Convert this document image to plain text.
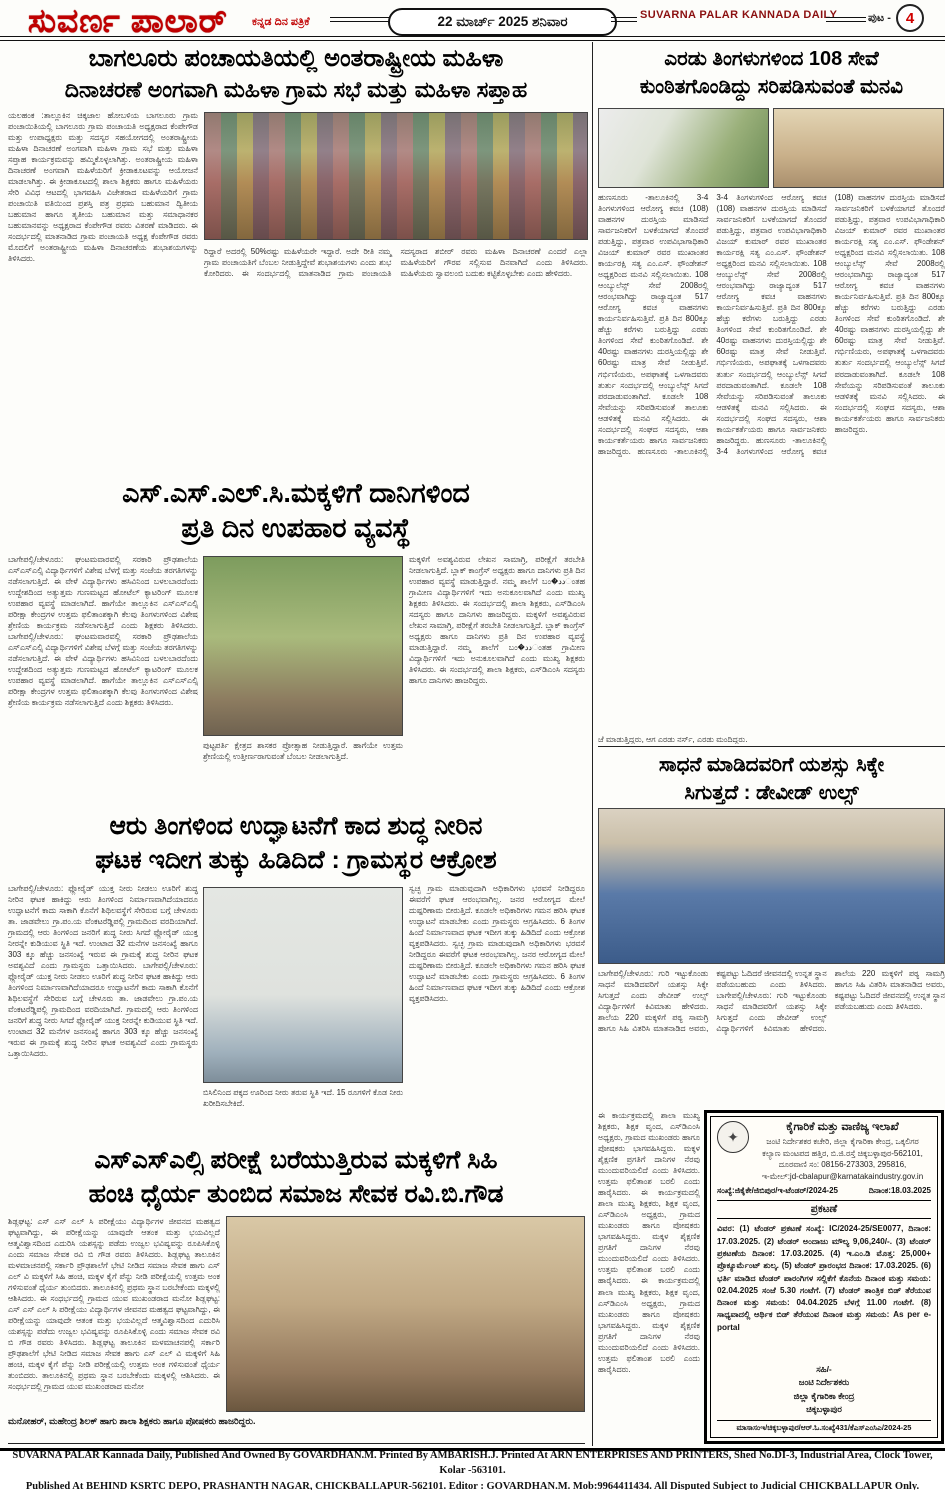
ಸುವರ್ಣ ಪಾಲಾರ್ ಕನ್ನಡ ದಿನ ಪತ್ರಿಕೆ	22 ಮಾರ್ಚ್ 2025 ಶನಿವಾರ	SUVARNA PALAR KANNADA DAILY	ಪುಟ - 4
ಬಾಗಲೂರು ಪಂಚಾಯತಿಯಲ್ಲಿ ಅಂತರಾಷ್ಟ್ರೀಯ ಮಹಿಳಾ
ದಿನಾಚರಣೆ ಅಂಗವಾಗಿ ಮಹಿಳಾ ಗ್ರಾಮ ಸಭೆ ಮತ್ತು ಮಹಿಳಾ ಸಪ್ತಾಹ
ಯಲಹಂಕ :ತಾಲ್ಲೂಕಿನ ಚಿಕ್ಕಜಾಲ ಹೋಬಳಿಯ ಬಾಗಲೂರು ಗ್ರಾಮ ಪಂಚಾಯಿತಿಯಲ್ಲಿ ಬಾಗಲೂರು ಗ್ರಾಮ ಪಂಚಾಯತಿ ಅಧ್ಯಕ್ಷರಾದ ಕೆಂಪೇಗೌಡ ಮತ್ತು ಉಪಾಧ್ಯಕ್ಷರು ಮತ್ತು ಸದಸ್ಯರ ಸಹಯೋಗದಲ್ಲಿ ಅಂತರಾಷ್ಟ್ರೀಯ ಮಹಿಳಾ ದಿನಾಚರಣೆ ಅಂಗವಾಗಿ ಮಹಿಳಾ ಗ್ರಾಮ ಸಭೆ ಮತ್ತು ಮಹಿಳಾ ಸಪ್ತಾಹ ಕಾರ್ಯಕ್ರಮವನ್ನು ಹಮ್ಮಿಕೊಳ್ಳಲಾಗಿತ್ತು. ಅಂತರಾಷ್ಟ್ರೀಯ ಮಹಿಳಾ ದಿನಾಚರಣೆ ಅಂಗವಾಗಿ ಮಹಿಳೆಯರಿಗೆ ಕ್ರೀಡಾಕೂಟವನ್ನು ಆಯೋಜನೆ ಮಾಡಲಾಗಿತ್ತು. ಈ ಕ್ರೀಡಾಕೂಟದಲ್ಲಿ ಶಾಲಾ ಶಿಕ್ಷಕರು ಹಾಗೂ ಮಹಿಳೆಯರು ಸೇರಿ ವಿವಿಧ ಆಟದಲ್ಲಿ ಭಾಗವಹಿಸಿ ವಿಜೇತರಾದ ಮಹಿಳೆಯರಿಗೆ ಗ್ರಾಮ ಪಂಚಾಯಿತಿ ವತಿಯಿಂದ ಪ್ರಶಸ್ತಿ ಪತ್ರ ಪ್ರಥಮ ಬಹುಮಾನ ದ್ವಿತೀಯ ಬಹುಮಾನ ಹಾಗೂ ತೃತೀಯ ಬಹುಮಾನ ಮತ್ತು ಸಮಾಧಾನಕರ ಬಹುಮಾನವನ್ನು ಅಧ್ಯಕ್ಷರಾದ ಕೆಂಪೇಗೌಡ ರವರು ವಿತರಣೆ ಮಾಡಿದರು. ಈ ಸಂದರ್ಭದಲ್ಲಿ ಮಾತನಾಡಿದ ಗ್ರಾಮ ಪಂಚಾಯತಿ ಅಧ್ಯಕ್ಷ ಕೆಂಪೇಗೌಡ ರವರು ಮೊದಲಿಗೆ ಅಂತರಾಷ್ಟ್ರೀಯ ಮಹಿಳಾ ದಿನಾಚರಣೆಯ ಶುಭಾಶಯಗಳನ್ನು ತಿಳಿಸಿದರು.
ರಿದ್ದಾರೆ ಅದರಲ್ಲಿ 50%ರಷ್ಟು ಮಹಿಳೆಯರೇ ಇದ್ದಾರೆ. ಅದೇ ರೀತಿ ನಮ್ಮ ಗ್ರಾಮ ಪಂಚಾಯತಿಗೆ ಬೆಂಬಲ ನೀಡುತ್ತಿದ್ದೇವೆ ಶುಭಾಶಯಗಳು ಎಂದು ಶುಭ ಕೋರಿದರು. ಈ ಸಂದರ್ಭದಲ್ಲಿ ಮಾತನಾಡಿದ ಗ್ರಾಮ ಪಂಚಾಯತಿ ಸದಸ್ಯರಾದ ಶಬೀರ್ ರವರು ಮಹಿಳಾ ದಿನಾಚರಣೆ ಎಂದರೆ ಎಲ್ಲಾ ಮಹಿಳೆಯರಿಗೆ ಗೌರವ ಸಲ್ಲಿಸುವ ದಿನವಾಗಿದೆ ಎಂದು ತಿಳಿಸಿದರು. ಮಹಿಳೆಯರು ಸ್ವಾವಲಂಬಿ ಬದುಕು ಕಟ್ಟಿಕೊಳ್ಳಬೇಕು ಎಂದು ಹೇಳಿದರು.
ಎಸ್.ಎಸ್.ಎಲ್.ಸಿ.ಮಕ್ಕಳಿಗೆ ದಾನಿಗಳಿಂದ
ಪ್ರತಿ ದಿನ ಉಪಹಾರ ವ್ಯವಸ್ಥೆ
ಬಾಗೇಪಲ್ಲಿ/ಚೇಳೂರು: ಘಂಟಮವಾರವಲ್ಲಿ ಸರಕಾರಿ ಪ್ರೌಢಶಾಲೆಯ ಎಸ್ಎಸ್ಎಲ್ಸಿ ವಿದ್ಯಾರ್ಥಿಗಳಿಗೆ ವಿಶೇಷ ಬೆಳಗ್ಗೆ ಮತ್ತು ಸಂಜೆಯ ತರಗತಿಗಳನ್ನು ನಡೆಸಲಾಗುತ್ತಿದೆ. ಈ ವೇಳೆ ವಿದ್ಯಾರ್ಥಿಗಳು ಹಸಿವಿನಿಂದ ಬಳಲಬಾರದೆಂದು ಉದ್ದೇಶದಿಂದ ಅತ್ಯುತ್ತಮ ಗುಣಮಟ್ಟದ ಹೋಟೆಲ್ ಕ್ಯಾಟರಿಂಗ್ ಮೂಲಕ ಉಪಹಾರ ವ್ಯವಸ್ಥೆ ಮಾಡಲಾಗಿದೆ. ಹಾಗೆಯೇ ತಾಲ್ಲೂಕಿನ ಎಸ್ಎಸ್ಎಲ್ಸಿ ಪರೀಕ್ಷಾ ಕೇಂದ್ರಗಳ ಉತ್ತಮ ಫಲಿತಾಂಶಕ್ಕಾಗಿ ಕೆಲವು ತಿಂಗಳುಗಳಿಂದ ವಿಶೇಷ ಶ್ರೇಣಿಯ ಕಾರ್ಯಕ್ರಮ ನಡೆಸಲಾಗುತ್ತಿದೆ ಎಂದು ಶಿಕ್ಷಕರು ತಿಳಿಸಿದರು. ಬಾಗೇಪಲ್ಲಿ/ಚೇಳೂರು: ಘಂಟಮವಾರವಲ್ಲಿ ಸರಕಾರಿ ಪ್ರೌಢಶಾಲೆಯ ಎಸ್ಎಸ್ಎಲ್ಸಿ ವಿದ್ಯಾರ್ಥಿಗಳಿಗೆ ವಿಶೇಷ ಬೆಳಗ್ಗೆ ಮತ್ತು ಸಂಜೆಯ ತರಗತಿಗಳನ್ನು ನಡೆಸಲಾಗುತ್ತಿದೆ. ಈ ವೇಳೆ ವಿದ್ಯಾರ್ಥಿಗಳು ಹಸಿವಿನಿಂದ ಬಳಲಬಾರದೆಂದು ಉದ್ದೇಶದಿಂದ ಅತ್ಯುತ್ತಮ ಗುಣಮಟ್ಟದ ಹೋಟೆಲ್ ಕ್ಯಾಟರಿಂಗ್ ಮೂಲಕ ಉಪಹಾರ ವ್ಯವಸ್ಥೆ ಮಾಡಲಾಗಿದೆ. ಹಾಗೆಯೇ ತಾಲ್ಲೂಕಿನ ಎಸ್ಎಸ್ಎಲ್ಸಿ ಪರೀಕ್ಷಾ ಕೇಂದ್ರಗಳ ಉತ್ತಮ ಫಲಿತಾಂಶಕ್ಕಾಗಿ ಕೆಲವು ತಿಂಗಳುಗಳಿಂದ ವಿಶೇಷ ಶ್ರೇಣಿಯ ಕಾರ್ಯಕ್ರಮ ನಡೆಸಲಾಗುತ್ತಿದೆ ಎಂದು ಶಿಕ್ಷಕರು ತಿಳಿಸಿದರು.
ಪುಟ್ಟಪರ್ತಿ ಕ್ಷೇತ್ರದ ಶಾಸಕರ ಪ್ರೋತ್ಸಾಹ ನೀಡುತ್ತಿದ್ದಾರೆ. ಹಾಗೆಯೇ ಉತ್ತಮ ಶ್ರೇಣಿಯಲ್ಲಿ ಉತ್ತೀರ್ಣರಾಗುವಂತೆ ಬೆಂಬಲ ನೀಡಲಾಗುತ್ತಿದೆ.
ಮಕ್ಕಳಿಗೆ ಅವಶ್ಯವಿರುವ ಲೇಖನ ಸಾಮಾಗ್ರಿ, ಪರೀಕ್ಷೆಗೆ ತರಬೇತಿ ನೀಡಲಾಗುತ್ತಿದೆ. ಬ್ಲಾಕ್ ಕಾಂಗ್ರೆಸ್ ಅಧ್ಯಕ್ಷರು ಹಾಗೂ ದಾನಿಗಳು ಪ್ರತಿ ದಿನ ಉಪಹಾರ ವ್ಯವಸ್ಥೆ ಮಾಡುತ್ತಿದ್ದಾರೆ. ನಮ್ಮ ಶಾಲೆಗೆ ಬಂ�ددಂತಹ ಗ್ರಾಮೀಣ ವಿದ್ಯಾರ್ಥಿಗಳಿಗೆ ಇದು ಅನುಕೂಲವಾಗಿದೆ ಎಂದು ಮುಖ್ಯ ಶಿಕ್ಷಕರು ತಿಳಿಸಿದರು. ಈ ಸಂದರ್ಭದಲ್ಲಿ ಶಾಲಾ ಶಿಕ್ಷಕರು, ಎಸ್‌ಡಿಎಂಸಿ ಸದಸ್ಯರು ಹಾಗೂ ದಾನಿಗಳು ಹಾಜರಿದ್ದರು. ಮಕ್ಕಳಿಗೆ ಅವಶ್ಯವಿರುವ ಲೇಖನ ಸಾಮಾಗ್ರಿ, ಪರೀಕ್ಷೆಗೆ ತರಬೇತಿ ನೀಡಲಾಗುತ್ತಿದೆ. ಬ್ಲಾಕ್ ಕಾಂಗ್ರೆಸ್ ಅಧ್ಯಕ್ಷರು ಹಾಗೂ ದಾನಿಗಳು ಪ್ರತಿ ದಿನ ಉಪಹಾರ ವ್ಯವಸ್ಥೆ ಮಾಡುತ್ತಿದ್ದಾರೆ. ನಮ್ಮ ಶಾಲೆಗೆ ಬಂ�ددಂತಹ ಗ್ರಾಮೀಣ ವಿದ್ಯಾರ್ಥಿಗಳಿಗೆ ಇದು ಅನುಕೂಲವಾಗಿದೆ ಎಂದು ಮುಖ್ಯ ಶಿಕ್ಷಕರು ತಿಳಿಸಿದರು. ಈ ಸಂದರ್ಭದಲ್ಲಿ ಶಾಲಾ ಶಿಕ್ಷಕರು, ಎಸ್‌ಡಿಎಂಸಿ ಸದಸ್ಯರು ಹಾಗೂ ದಾನಿಗಳು ಹಾಜರಿದ್ದರು.
ಆರು ತಿಂಗಳಿಂದ ಉದ್ಘಾಟನೆಗೆ ಕಾದ ಶುದ್ಧ ನೀರಿನ
ಘಟಕ ಇದೀಗ ತುಕ್ಕು ಹಿಡಿದಿದೆ : ಗ್ರಾಮಸ್ಥರ ಆಕ್ರೋಶ
ಬಾಗೇಪಲ್ಲಿ/ಚೇಳೂರು: ಫ್ಲೋರೈಡ್ ಯುಕ್ತ ನೀರು ನೀಡಲು ಊರಿಗೆ ಶುದ್ಧ ನೀರಿನ ಘಟಕ ಹಾಕಿದ್ದು ಆರು ತಿಂಗಳಿಂದ ನಿರ್ಮಾಣವಾಗಿದೆಯಾದರೂ ಉದ್ಘಾಟನೆಗೆ ಕಾದು ಸಾಕಾಗಿ ಕೊನೆಗೆ ಶಿಥಿಲವಸ್ಥೆಗೆ ಸೇರಿರುವ ಬಗ್ಗೆ ಚೇಳೂರು ತಾ. ಜಾಡವೇಲು ಗ್ರಾ.ಪಂ.ಯ ವೆಂಕಟರೆಡ್ಡಿಪಲ್ಲಿ ಗ್ರಾಮದಿಂದ ವರದಿಯಾಗಿದೆ. ಗ್ರಾಮದಲ್ಲಿ ಆರು ತಿಂಗಳಿಂದ ಜನರಿಗೆ ಶುದ್ಧ ನೀರು ಸಿಗದೆ ಫ್ಲೋರೈಡ್ ಯುಕ್ತ ನೀರನ್ನೇ ಕುಡಿಯುವ ಸ್ಥಿತಿ ಇದೆ. ಉಂಟಾದ 32 ಮನೆಗಳ ಜನಸಂಖ್ಯೆ ಹಾಗೂ 303 ಕ್ಕೂ ಹೆಚ್ಚು ಜನಸಂಖ್ಯೆ ಇರುವ ಈ ಗ್ರಾಮಕ್ಕೆ ಶುದ್ಧ ನೀರಿನ ಘಟಕ ಅವಶ್ಯವಿದೆ ಎಂದು ಗ್ರಾಮಸ್ಥರು ಒತ್ತಾಯಿಸಿದರು. ಬಾಗೇಪಲ್ಲಿ/ಚೇಳೂರು: ಫ್ಲೋರೈಡ್ ಯುಕ್ತ ನೀರು ನೀಡಲು ಊರಿಗೆ ಶುದ್ಧ ನೀರಿನ ಘಟಕ ಹಾಕಿದ್ದು ಆರು ತಿಂಗಳಿಂದ ನಿರ್ಮಾಣವಾಗಿದೆಯಾದರೂ ಉದ್ಘಾಟನೆಗೆ ಕಾದು ಸಾಕಾಗಿ ಕೊನೆಗೆ ಶಿಥಿಲವಸ್ಥೆಗೆ ಸೇರಿರುವ ಬಗ್ಗೆ ಚೇಳೂರು ತಾ. ಜಾಡವೇಲು ಗ್ರಾ.ಪಂ.ಯ ವೆಂಕಟರೆಡ್ಡಿಪಲ್ಲಿ ಗ್ರಾಮದಿಂದ ವರದಿಯಾಗಿದೆ. ಗ್ರಾಮದಲ್ಲಿ ಆರು ತಿಂಗಳಿಂದ ಜನರಿಗೆ ಶುದ್ಧ ನೀರು ಸಿಗದೆ ಫ್ಲೋರೈಡ್ ಯುಕ್ತ ನೀರನ್ನೇ ಕುಡಿಯುವ ಸ್ಥಿತಿ ಇದೆ. ಉಂಟಾದ 32 ಮನೆಗಳ ಜನಸಂಖ್ಯೆ ಹಾಗೂ 303 ಕ್ಕೂ ಹೆಚ್ಚು ಜನಸಂಖ್ಯೆ ಇರುವ ಈ ಗ್ರಾಮಕ್ಕೆ ಶುದ್ಧ ನೀರಿನ ಘಟಕ ಅವಶ್ಯವಿದೆ ಎಂದು ಗ್ರಾಮಸ್ಥರು ಒತ್ತಾಯಿಸಿದರು.
ಬಿಸಿಲಿನಿಂದ ಪಕ್ಕದ ಊರಿಂದ ನೀರು ತರುವ ಸ್ಥಿತಿ ಇದೆ. 15 ರೂಗಳಿಗೆ ಕೊಡ ನೀರು ಖರೀದಿಸಬೇಕಿದೆ.
ಸ್ವಚ್ಛ ಗ್ರಾಮ ಮಾಡುವುದಾಗಿ ಅಧಿಕಾರಿಗಳು ಭರವಸೆ ನೀಡಿದ್ದರೂ ಈವರೆಗೆ ಘಟಕ ಆರಂಭವಾಗಿಲ್ಲ. ಜನರ ಆರೋಗ್ಯದ ಮೇಲೆ ದುಷ್ಪರಿಣಾಮ ಬೀರುತ್ತಿದೆ. ಕೂಡಲೇ ಅಧಿಕಾರಿಗಳು ಗಮನ ಹರಿಸಿ ಘಟಕ ಉದ್ಘಾಟನೆ ಮಾಡಬೇಕು ಎಂದು ಗ್ರಾಮಸ್ಥರು ಆಗ್ರಹಿಸಿದರು. 6 ತಿಂಗಳ ಹಿಂದೆ ನಿರ್ಮಾಣವಾದ ಘಟಕ ಇದೀಗ ತುಕ್ಕು ಹಿಡಿದಿದೆ ಎಂದು ಆಕ್ರೋಶ ವ್ಯಕ್ತಪಡಿಸಿದರು. ಸ್ವಚ್ಛ ಗ್ರಾಮ ಮಾಡುವುದಾಗಿ ಅಧಿಕಾರಿಗಳು ಭರವಸೆ ನೀಡಿದ್ದರೂ ಈವರೆಗೆ ಘಟಕ ಆರಂಭವಾಗಿಲ್ಲ. ಜನರ ಆರೋಗ್ಯದ ಮೇಲೆ ದುಷ್ಪರಿಣಾಮ ಬೀರುತ್ತಿದೆ. ಕೂಡಲೇ ಅಧಿಕಾರಿಗಳು ಗಮನ ಹರಿಸಿ ಘಟಕ ಉದ್ಘಾಟನೆ ಮಾಡಬೇಕು ಎಂದು ಗ್ರಾಮಸ್ಥರು ಆಗ್ರಹಿಸಿದರು. 6 ತಿಂಗಳ ಹಿಂದೆ ನಿರ್ಮಾಣವಾದ ಘಟಕ ಇದೀಗ ತುಕ್ಕು ಹಿಡಿದಿದೆ ಎಂದು ಆಕ್ರೋಶ ವ್ಯಕ್ತಪಡಿಸಿದರು.
ಎಸ್ಎಸ್ಎಲ್ಸಿ ಪರೀಕ್ಷೆ ಬರೆಯುತ್ತಿರುವ ಮಕ್ಕಳಿಗೆ ಸಿಹಿ
ಹಂಚಿ ಧೈರ್ಯ ತುಂಬಿದ ಸಮಾಜ ಸೇವಕ ರವಿ.ಬಿ.ಗೌಡ
ಶಿಡ್ಲಘಟ್ಟ: ಎಸ್ ಎಸ್ ಎಲ್ ಸಿ ಪರೀಕ್ಷೆಯು ವಿದ್ಯಾರ್ಥಿಗಳ ಜೀವನದ ಮಹತ್ವದ ಘಟ್ಟವಾಗಿದ್ದು, ಈ ಪರೀಕ್ಷೆಯನ್ನು ಯಾವುದೇ ಆತಂಕ ಮತ್ತು ಭಯವಿಲ್ಲದೆ ಆತ್ಮವಿಶ್ವಾಸದಿಂದ ಎದುರಿಸಿ ಯಶಸ್ಸನ್ನು ಪಡೆದು ಉಜ್ವಲ ಭವಿಷ್ಯವನ್ನು ರೂಪಿಸಿಕೊಳ್ಳಿ ಎಂದು ಸಮಾಜ ಸೇವಕ ರವಿ ಬಿ ಗೌಡ ರವರು ತಿಳಿಸಿದರು. ಶಿಡ್ಲಘಟ್ಟ ತಾಲೂಕಿನ ಮಳಮಾಚನಪಲ್ಲಿ ಸರ್ಕಾರಿ ಪ್ರೌಢಶಾಲೆಗೆ ಭೇಟಿ ನೀಡಿದ ಸಮಾಜ ಸೇವಕ ಹಾಗು ಎಸ್ ಎಲ್ ವಿ ಮಕ್ಕಳಿಗೆ ಸಿಹಿ ಹಂಚಿ, ಮಕ್ಕಳ ಕೈಗೆ ಪೆನ್ನು ನೀಡಿ ಪರೀಕ್ಷೆಯಲ್ಲಿ ಉತ್ತಮ ಅಂಕ ಗಳಿಸುವಂತೆ ಧೈರ್ಯ ತುಂಬಿದರು. ತಾಲೂಕಿನಲ್ಲಿ ಪ್ರಥಮ ಸ್ಥಾನ ಬರಬೇಕೆಂದು ಮಕ್ಕಳಲ್ಲಿ ಆಶಿಸಿದರು. ಈ ಸಂಧರ್ಭದಲ್ಲಿ ಗ್ರಾಮದ ಯುವ ಮುಖಂಡರಾದ ಮನೋ ಶಿಡ್ಲಘಟ್ಟ: ಎಸ್ ಎಸ್ ಎಲ್ ಸಿ ಪರೀಕ್ಷೆಯು ವಿದ್ಯಾರ್ಥಿಗಳ ಜೀವನದ ಮಹತ್ವದ ಘಟ್ಟವಾಗಿದ್ದು, ಈ ಪರೀಕ್ಷೆಯನ್ನು ಯಾವುದೇ ಆತಂಕ ಮತ್ತು ಭಯವಿಲ್ಲದೆ ಆತ್ಮವಿಶ್ವಾಸದಿಂದ ಎದುರಿಸಿ ಯಶಸ್ಸನ್ನು ಪಡೆದು ಉಜ್ವಲ ಭವಿಷ್ಯವನ್ನು ರೂಪಿಸಿಕೊಳ್ಳಿ ಎಂದು ಸಮಾಜ ಸೇವಕ ರವಿ ಬಿ ಗೌಡ ರವರು ತಿಳಿಸಿದರು. ಶಿಡ್ಲಘಟ್ಟ ತಾಲೂಕಿನ ಮಳಮಾಚನಪಲ್ಲಿ ಸರ್ಕಾರಿ ಪ್ರೌಢಶಾಲೆಗೆ ಭೇಟಿ ನೀಡಿದ ಸಮಾಜ ಸೇವಕ ಹಾಗು ಎಸ್ ಎಲ್ ವಿ ಮಕ್ಕಳಿಗೆ ಸಿಹಿ ಹಂಚಿ, ಮಕ್ಕಳ ಕೈಗೆ ಪೆನ್ನು ನೀಡಿ ಪರೀಕ್ಷೆಯಲ್ಲಿ ಉತ್ತಮ ಅಂಕ ಗಳಿಸುವಂತೆ ಧೈರ್ಯ ತುಂಬಿದರು. ತಾಲೂಕಿನಲ್ಲಿ ಪ್ರಥಮ ಸ್ಥಾನ ಬರಬೇಕೆಂದು ಮಕ್ಕಳಲ್ಲಿ ಆಶಿಸಿದರು. ಈ ಸಂಧರ್ಭದಲ್ಲಿ ಗ್ರಾಮದ ಯುವ ಮುಖಂಡರಾದ ಮನೋ
ಮನೋಹರ್, ಮಹೇಂದ್ರ ಶಿಲಕ್ ಹಾಗು ಶಾಲಾ ಶಿಕ್ಷಕರು ಹಾಗೂ ಪೋಷಕರು ಹಾಜರಿದ್ದರು.
ಎರಡು ತಿಂಗಳುಗಳಿಂದ 108 ಸೇವೆ
ಕುಂಠಿತಗೊಂಡಿದ್ದು ಸರಿಪಡಿಸುವಂತೆ ಮನವಿ
ಹುಣಸೂರು -ತಾಲೂಕಿನಲ್ಲಿ 3-4 ತಿಂಗಳುಗಳಿಂದ ಆರೋಗ್ಯ ಕವಚ (108) ವಾಹನಗಳ ದುರಸ್ತಿಯ ಮಾಡಿಸದೆ ಸಾರ್ವಜನಿಕರಿಗೆ ಬಳಕೆಯಾಗದೆ ತೊಂದರೆ ಪಡುತ್ತಿದ್ದು, ಪತ್ರವಾರ ಉಪವಿಭಾಗಾಧಿಕಾರಿ ವಿಜಯ್ ಕುಮಾರ್ ರವರ ಮುಖಾಂತರ ಕಾರ್ಯರಕ್ಷಿ ಸತ್ಯ ಎಂ.ಎಸ್. ಫೌಂಡೇಶನ್ ಅಧ್ಯಕ್ಷರಿಂದ ಮನವಿ ಸಲ್ಲಿಸಲಾಯಿತು. 108 ಆಂಬ್ಯುಲೆನ್ಸ್ ಸೇವೆ 2008ರಲ್ಲಿ ಆರಂಭವಾಗಿದ್ದು ರಾಜ್ಯಾದ್ಯಂತ 517 ಆರೋಗ್ಯ ಕವಚ ವಾಹನಗಳು ಕಾರ್ಯನಿರ್ವಹಿಸುತ್ತಿವೆ. ಪ್ರತಿ ದಿನ 800ಕ್ಕೂ ಹೆಚ್ಚು ಕರೆಗಳು ಬರುತ್ತಿದ್ದು ಎರಡು ತಿಂಗಳಿಂದ ಸೇವೆ ಕುಂಠಿತಗೊಂಡಿದೆ. ಶೇ 40ರಷ್ಟು ವಾಹನಗಳು ದುರಸ್ತಿಯಲ್ಲಿದ್ದು ಶೇ 60ರಷ್ಟು ಮಾತ್ರ ಸೇವೆ ನೀಡುತ್ತಿವೆ. ಗರ್ಭಿಣಿಯರು, ಅಪಘಾತಕ್ಕೆ ಒಳಗಾದವರು ತುರ್ತು ಸಂದರ್ಭದಲ್ಲಿ ಆಂಬ್ಯುಲೆನ್ಸ್ ಸಿಗದೆ ಪರದಾಡುವಂತಾಗಿದೆ. ಕೂಡಲೇ 108 ಸೇವೆಯನ್ನು ಸರಿಪಡಿಸುವಂತೆ ತಾಲೂಕು ಆಡಳಿತಕ್ಕೆ ಮನವಿ ಸಲ್ಲಿಸಿದರು. ಈ ಸಂದರ್ಭದಲ್ಲಿ ಸಂಘದ ಸದಸ್ಯರು, ಆಶಾ ಕಾರ್ಯಕರ್ತೆಯರು ಹಾಗೂ ಸಾರ್ವಜನಿಕರು ಹಾಜರಿದ್ದರು. ಹುಣಸೂರು -ತಾಲೂಕಿನಲ್ಲಿ 3-4 ತಿಂಗಳುಗಳಿಂದ ಆರೋಗ್ಯ ಕವಚ (108) ವಾಹನಗಳ ದುರಸ್ತಿಯ ಮಾಡಿಸದೆ ಸಾರ್ವಜನಿಕರಿಗೆ ಬಳಕೆಯಾಗದೆ ತೊಂದರೆ ಪಡುತ್ತಿದ್ದು, ಪತ್ರವಾರ ಉಪವಿಭಾಗಾಧಿಕಾರಿ ವಿಜಯ್ ಕುಮಾರ್ ರವರ ಮುಖಾಂತರ ಕಾರ್ಯರಕ್ಷಿ ಸತ್ಯ ಎಂ.ಎಸ್. ಫೌಂಡೇಶನ್ ಅಧ್ಯಕ್ಷರಿಂದ ಮನವಿ ಸಲ್ಲಿಸಲಾಯಿತು. 108 ಆಂಬ್ಯುಲೆನ್ಸ್ ಸೇವೆ 2008ರಲ್ಲಿ ಆರಂಭವಾಗಿದ್ದು ರಾಜ್ಯಾದ್ಯಂತ 517 ಆರೋಗ್ಯ ಕವಚ ವಾಹನಗಳು ಕಾರ್ಯನಿರ್ವಹಿಸುತ್ತಿವೆ. ಪ್ರತಿ ದಿನ 800ಕ್ಕೂ ಹೆಚ್ಚು ಕರೆಗಳು ಬರುತ್ತಿದ್ದು ಎರಡು ತಿಂಗಳಿಂದ ಸೇವೆ ಕುಂಠಿತಗೊಂಡಿದೆ. ಶೇ 40ರಷ್ಟು ವಾಹನಗಳು ದುರಸ್ತಿಯಲ್ಲಿದ್ದು ಶೇ 60ರಷ್ಟು ಮಾತ್ರ ಸೇವೆ ನೀಡುತ್ತಿವೆ. ಗರ್ಭಿಣಿಯರು, ಅಪಘಾತಕ್ಕೆ ಒಳಗಾದವರು ತುರ್ತು ಸಂದರ್ಭದಲ್ಲಿ ಆಂಬ್ಯುಲೆನ್ಸ್ ಸಿಗದೆ ಪರದಾಡುವಂತಾಗಿದೆ. ಕೂಡಲೇ 108 ಸೇವೆಯನ್ನು ಸರಿಪಡಿಸುವಂತೆ ತಾಲೂಕು ಆಡಳಿತಕ್ಕೆ ಮನವಿ ಸಲ್ಲಿಸಿದರು. ಈ ಸಂದರ್ಭದಲ್ಲಿ ಸಂಘದ ಸದಸ್ಯರು, ಆಶಾ ಕಾರ್ಯಕರ್ತೆಯರು ಹಾಗೂ ಸಾರ್ವಜನಿಕರು ಹಾಜರಿದ್ದರು. ಹುಣಸೂರು -ತಾಲೂಕಿನಲ್ಲಿ 3-4 ತಿಂಗಳುಗಳಿಂದ ಆರೋಗ್ಯ ಕವಚ (108) ವಾಹನಗಳ ದುರಸ್ತಿಯ ಮಾಡಿಸದೆ ಸಾರ್ವಜನಿಕರಿಗೆ ಬಳಕೆಯಾಗದೆ ತೊಂದರೆ ಪಡುತ್ತಿದ್ದು, ಪತ್ರವಾರ ಉಪವಿಭಾಗಾಧಿಕಾರಿ ವಿಜಯ್ ಕುಮಾರ್ ರವರ ಮುಖಾಂತರ ಕಾರ್ಯರಕ್ಷಿ ಸತ್ಯ ಎಂ.ಎಸ್. ಫೌಂಡೇಶನ್ ಅಧ್ಯಕ್ಷರಿಂದ ಮನವಿ ಸಲ್ಲಿಸಲಾಯಿತು. 108 ಆಂಬ್ಯುಲೆನ್ಸ್ ಸೇವೆ 2008ರಲ್ಲಿ ಆರಂಭವಾಗಿದ್ದು ರಾಜ್ಯಾದ್ಯಂತ 517 ಆರೋಗ್ಯ ಕವಚ ವಾಹನಗಳು ಕಾರ್ಯನಿರ್ವಹಿಸುತ್ತಿವೆ. ಪ್ರತಿ ದಿನ 800ಕ್ಕೂ ಹೆಚ್ಚು ಕರೆಗಳು ಬರುತ್ತಿದ್ದು ಎರಡು ತಿಂಗಳಿಂದ ಸೇವೆ ಕುಂಠಿತಗೊಂಡಿದೆ. ಶೇ 40ರಷ್ಟು ವಾಹನಗಳು ದುರಸ್ತಿಯಲ್ಲಿದ್ದು ಶೇ 60ರಷ್ಟು ಮಾತ್ರ ಸೇವೆ ನೀಡುತ್ತಿವೆ. ಗರ್ಭಿಣಿಯರು, ಅಪಘಾತಕ್ಕೆ ಒಳಗಾದವರು ತುರ್ತು ಸಂದರ್ಭದಲ್ಲಿ ಆಂಬ್ಯುಲೆನ್ಸ್ ಸಿಗದೆ ಪರದಾಡುವಂತಾಗಿದೆ. ಕೂಡಲೇ 108 ಸೇವೆಯನ್ನು ಸರಿಪಡಿಸುವಂತೆ ತಾಲೂಕು ಆಡಳಿತಕ್ಕೆ ಮನವಿ ಸಲ್ಲಿಸಿದರು. ಈ ಸಂದರ್ಭದಲ್ಲಿ ಸಂಘದ ಸದಸ್ಯರು, ಆಶಾ ಕಾರ್ಯಕರ್ತೆಯರು ಹಾಗೂ ಸಾರ್ವಜನಿಕರು ಹಾಜರಿದ್ದರು.
ಜೆ ಮಾಡುತ್ತಿದ್ದರು, ಆಗ ಎರಡು ನರ್ಸ್, ಎರಡು ಮಂದಿದ್ದರು.
ಸಾಧನೆ ಮಾಡಿದವರಿಗೆ ಯಶಸ್ಸು ಸಿಕ್ಕೇ
ಸಿಗುತ್ತದೆ : ಡೇವೀಡ್ ಉಲ್ಸ್
ಬಾಗೇಪಲ್ಲಿ/ಚೇಳೂರು: ಗುರಿ ಇಟ್ಟುಕೊಂಡು ಸಾಧನೆ ಮಾಡಿದವರಿಗೆ ಯಶಸ್ಸು ಸಿಕ್ಕೇ ಸಿಗುತ್ತದೆ ಎಂದು ಡೇವೀಡ್ ಉಲ್ಸ್ ವಿದ್ಯಾರ್ಥಿಗಳಿಗೆ ಕಿವಿಮಾತು ಹೇಳಿದರು. ಶಾಲೆಯ 220 ಮಕ್ಕಳಿಗೆ ಪಠ್ಯ ಸಾಮಗ್ರಿ ಹಾಗೂ ಸಿಹಿ ವಿತರಿಸಿ ಮಾತನಾಡಿದ ಅವರು, ಕಷ್ಟಪಟ್ಟು ಓದಿದರೆ ಜೀವನದಲ್ಲಿ ಉನ್ನತ ಸ್ಥಾನ ಪಡೆಯಬಹುದು ಎಂದು ತಿಳಿಸಿದರು. ಬಾಗೇಪಲ್ಲಿ/ಚೇಳೂರು: ಗುರಿ ಇಟ್ಟುಕೊಂಡು ಸಾಧನೆ ಮಾಡಿದವರಿಗೆ ಯಶಸ್ಸು ಸಿಕ್ಕೇ ಸಿಗುತ್ತದೆ ಎಂದು ಡೇವೀಡ್ ಉಲ್ಸ್ ವಿದ್ಯಾರ್ಥಿಗಳಿಗೆ ಕಿವಿಮಾತು ಹೇಳಿದರು. ಶಾಲೆಯ 220 ಮಕ್ಕಳಿಗೆ ಪಠ್ಯ ಸಾಮಗ್ರಿ ಹಾಗೂ ಸಿಹಿ ವಿತರಿಸಿ ಮಾತನಾಡಿದ ಅವರು, ಕಷ್ಟಪಟ್ಟು ಓದಿದರೆ ಜೀವನದಲ್ಲಿ ಉನ್ನತ ಸ್ಥಾನ ಪಡೆಯಬಹುದು ಎಂದು ತಿಳಿಸಿದರು.
ಈ ಕಾರ್ಯಕ್ರಮದಲ್ಲಿ ಶಾಲಾ ಮುಖ್ಯ ಶಿಕ್ಷಕರು, ಶಿಕ್ಷಕ ವೃಂದ, ಎಸ್‌ಡಿಎಂಸಿ ಅಧ್ಯಕ್ಷರು, ಗ್ರಾಮದ ಮುಖಂಡರು ಹಾಗೂ ಪೋಷಕರು ಭಾಗವಹಿಸಿದ್ದರು. ಮಕ್ಕಳ ಶೈಕ್ಷಣಿಕ ಪ್ರಗತಿಗೆ ದಾನಿಗಳ ನೆರವು ಮುಂದುವರಿಯಲಿದೆ ಎಂದು ತಿಳಿಸಿದರು. ಉತ್ತಮ ಫಲಿತಾಂಶ ಬರಲಿ ಎಂದು ಹಾರೈಸಿದರು. ಈ ಕಾರ್ಯಕ್ರಮದಲ್ಲಿ ಶಾಲಾ ಮುಖ್ಯ ಶಿಕ್ಷಕರು, ಶಿಕ್ಷಕ ವೃಂದ, ಎಸ್‌ಡಿಎಂಸಿ ಅಧ್ಯಕ್ಷರು, ಗ್ರಾಮದ ಮುಖಂಡರು ಹಾಗೂ ಪೋಷಕರು ಭಾಗವಹಿಸಿದ್ದರು. ಮಕ್ಕಳ ಶೈಕ್ಷಣಿಕ ಪ್ರಗತಿಗೆ ದಾನಿಗಳ ನೆರವು ಮುಂದುವರಿಯಲಿದೆ ಎಂದು ತಿಳಿಸಿದರು. ಉತ್ತಮ ಫಲಿತಾಂಶ ಬರಲಿ ಎಂದು ಹಾರೈಸಿದರು. ಈ ಕಾರ್ಯಕ್ರಮದಲ್ಲಿ ಶಾಲಾ ಮುಖ್ಯ ಶಿಕ್ಷಕರು, ಶಿಕ್ಷಕ ವೃಂದ, ಎಸ್‌ಡಿಎಂಸಿ ಅಧ್ಯಕ್ಷರು, ಗ್ರಾಮದ ಮುಖಂಡರು ಹಾಗೂ ಪೋಷಕರು ಭಾಗವಹಿಸಿದ್ದರು. ಮಕ್ಕಳ ಶೈಕ್ಷಣಿಕ ಪ್ರಗತಿಗೆ ದಾನಿಗಳ ನೆರವು ಮುಂದುವರಿಯಲಿದೆ ಎಂದು ತಿಳಿಸಿದರು. ಉತ್ತಮ ಫಲಿತಾಂಶ ಬರಲಿ ಎಂದು ಹಾರೈಸಿದರು.
✦
ಕೈಗಾರಿಕೆ ಮತ್ತು ವಾಣಿಜ್ಯ ಇಲಾಖೆ
ಜಂಟಿ ನಿರ್ದೇಶಕರ ಕಚೇರಿ, ಜಿಲ್ಲಾ ಕೈಗಾರಿಕಾ ಕೇಂದ್ರ, ಒಕ್ಕಲಿಗರ
ಕಲ್ಯಾಣ ಮಂಟಪದ ಹತ್ತಿರ, ಬಿ.ಜಿ.ರಸ್ತೆ ಚಿಕ್ಕಬಳ್ಳಾಪುರ-562101,
ದೂರವಾಣಿ ಸಂ: 08156-273303, 295816,
ಇ-ಮೇಲ್:jd-cbalapur@karnatakaindustry.gov.in
ಸಂಖ್ಯೆ:ಜಿಕೈಕೇ/ಜಿಬಿಪುರ/ಇ-ಟೆಂಡರ್/2024-25	ದಿನಾಂಕ:18.03.2025
ಪ್ರಕಟಣೆ
ವಿವರ: (1) ಟೆಂಡರ್ ಪ್ರಕಟಣೆ ಸಂಖ್ಯೆ: IC/2024-25/SE0077, ದಿನಾಂಕ: 17.03.2025. (2) ಟೆಂಡರ್ ಅಂದಾಜು ಮೌಲ್ಯ 9,06,240/-. (3) ಟೆಂಡರ್ ಪ್ರಕಟಣೆಯ ದಿನಾಂಕ: 17.03.2025. (4) ಇ.ಎಂ.ಡಿ ಮೊತ್ತ: 25,000+ ಪ್ರೊಕ್ಯೂರ್ಮೆಂಟ್ ಶುಲ್ಕ. (5) ಟೆಂಡರ್ ಪ್ರಾರಂಭದ ದಿನಾಂಕ: 17.03.2025. (6) ಭರ್ತಿ ಮಾಡಿದ ಟೆಂಡರ್ ಪಾರಂಗಿಗಳ ಸಲ್ಲಿಕೆಗೆ ಕೊನೆಯ ದಿನಾಂಕ ಮತ್ತು ಸಮಯ: 02.04.2025 ಸಂಜೆ 5.30 ಗಂಟೆಗೆ. (7) ಟೆಂಡರ್ ತಾಂತ್ರಿಕ ಬಿಡ್ ತೆರೆಯುವ ದಿನಾಂಕ ಮತ್ತು ಸಮಯ: 04.04.2025 ಬೆಳಗ್ಗೆ 11.00 ಗಂಟೆಗೆ. (8) ಸಾಧ್ಯವಾದಲ್ಲಿ ಆರ್ಥಿಕ ಬಿಡ್ ತೆರೆಯುವ ದಿನಾಂಕ ಮತ್ತು ಸಮಯ: As per e-portal
ಸಹಿ/-
ಜಂಟಿ ನಿರ್ದೇಶಕರು
ಜಿಲ್ಲಾ ಕೈಗಾರಿಕಾ ಕೇಂದ್ರ
ಚಿಕ್ಕಬಳ್ಳಾಪುರ
ಮಾಸಾಸಂಇ/ಚಿಕ್ಕಬಳ್ಳಾಪುರ/ಆರ್.ಓ.ಸಂಖ್ಯೆ431/ಕೆಎಸ್ಎಂಸಿಎ/2024-25
SUVARNA PALAR Kannada Daily, Published And Owned By GOVARDHAN.M. Printed By AMBARISH.J. Printed At ARN ENTERPRISES AND PRINTERS, Shed No.DI-3, Industrial Area, Clock Tower, Kolar -563101.
Published At BEHIND KSRTC DEPO, PRASHANTH NAGAR, CHICKBALLAPUR-562101. Editor : GOVARDHAN.M. Mob:9964411434. All Disputed Subject to Judicial CHICKBALLAPUR Only.
